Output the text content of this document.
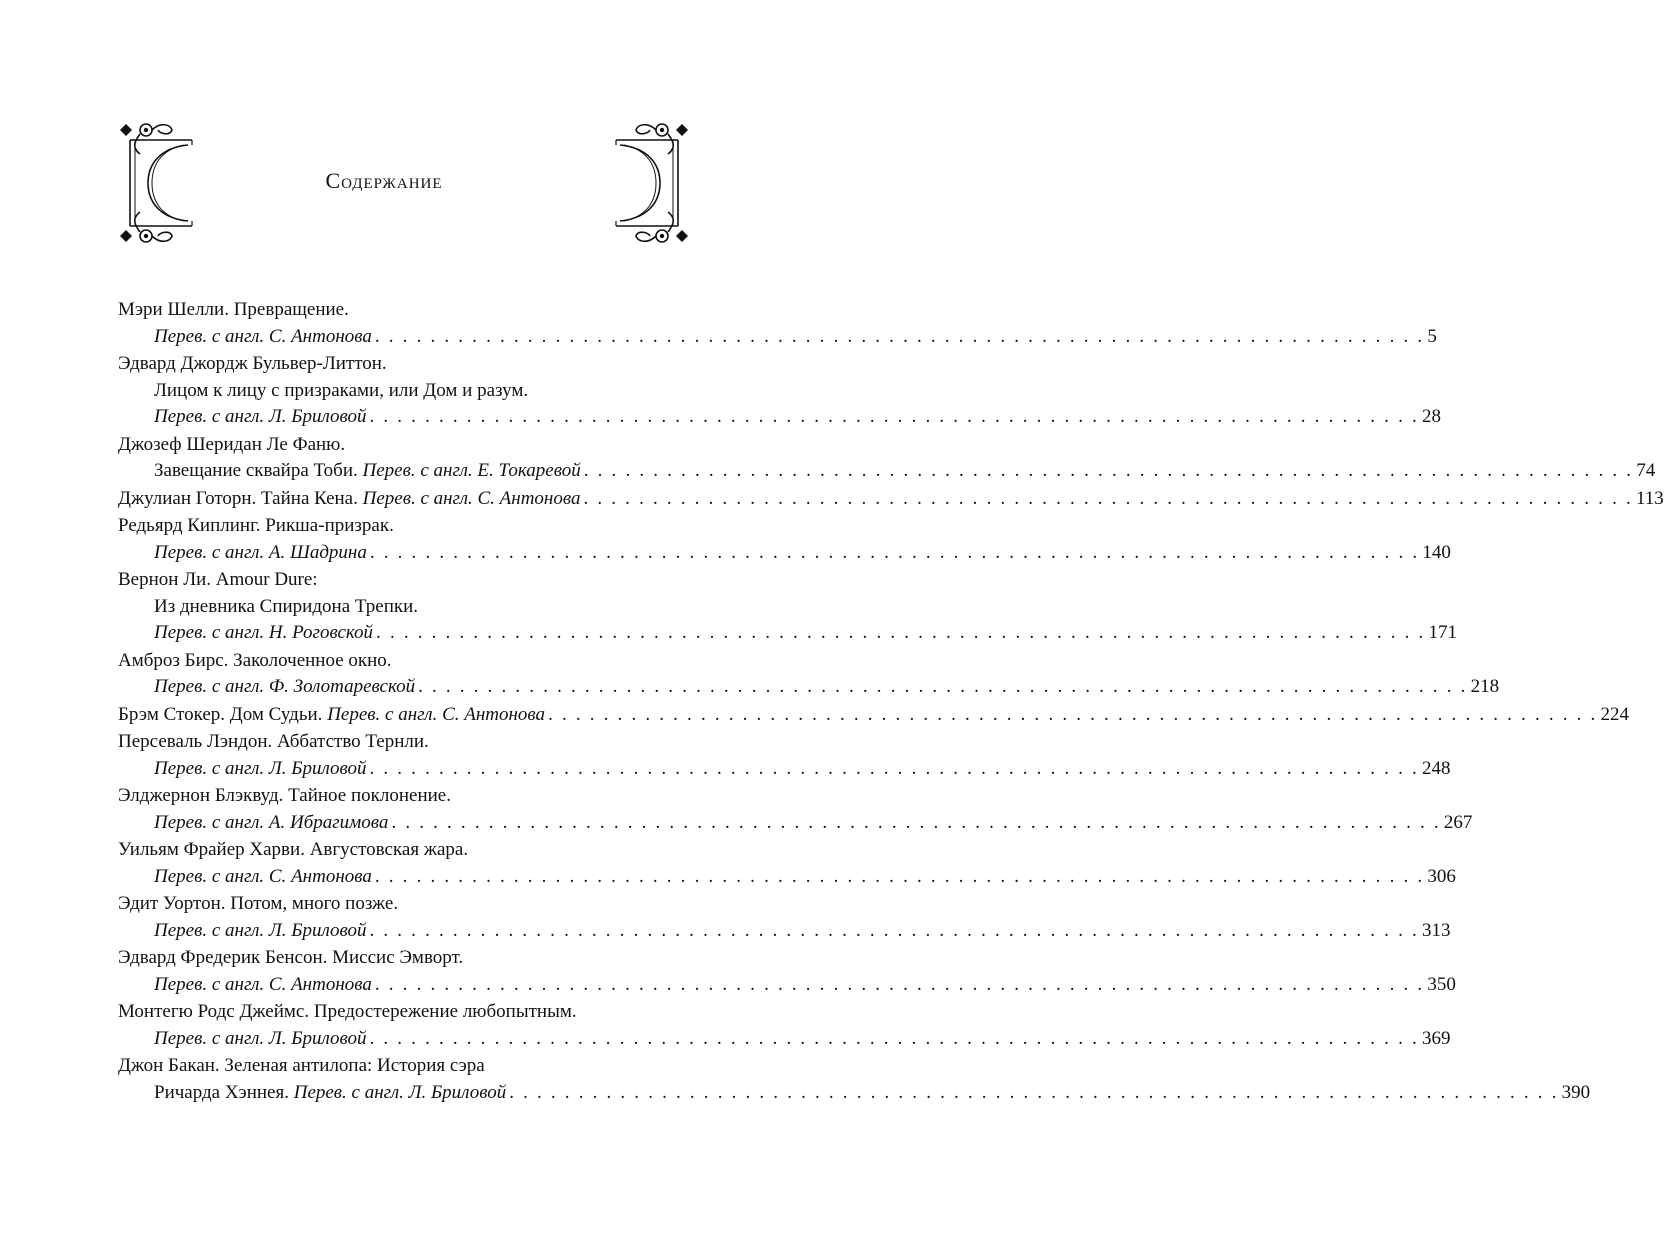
Содержание
Мэри Шелли. Превращение.
Перев. с англ. С. Антонова . . . . . . . . . . . . . . . . . . . . . . . . . . . . . . . . . . . . . . . . . . . . . . . . . . . . . . . . . . . . . . . . . . . . . . . . . . . . 5
Эдвард Джордж Бульвер-Литтон.
Лицом к лицу с призраками, или Дом и разум.
Перев. с англ. Л. Бриловой . . . . . . . . . . . . . . . . . . . . . . . . . . . . . . . . . . . . . . . . . . . . . . . . . . . . . . . . . . . . . . . . . . . . . . . . . . . . 28
Джозеф Шеридан Ле Фаню.
Завещание сквайра Тоби. Перев. с англ. Е. Токаревой . . . . . . . . . . . . . . . . . . . . . . . . . . . . . . . . . . . . . . . . . . . . . . . . . . . . . . . . . . . . . . . . . . . . . . . . . . . . 74
Джулиан Готорн. Тайна Кена. Перев. с англ. С. Антонова . . . . . . . . . . . . . . . . . . . . . . . . . . . . . . . . . . . . . . . . . . . . . . . . . . . . . . . . . . . . . . . . . . . . . . . . . . . . 113
Редьярд Киплинг. Рикша-призрак.
Перев. с англ. А. Шадрина . . . . . . . . . . . . . . . . . . . . . . . . . . . . . . . . . . . . . . . . . . . . . . . . . . . . . . . . . . . . . . . . . . . . . . . . . . . . 140
Вернон Ли. Amour Dure:
Из дневника Спиридона Трепки.
Перев. с англ. Н. Роговской . . . . . . . . . . . . . . . . . . . . . . . . . . . . . . . . . . . . . . . . . . . . . . . . . . . . . . . . . . . . . . . . . . . . . . . . . . . . 171
Амброз Бирс. Заколоченное окно.
Перев. с англ. Ф. Золотаревской . . . . . . . . . . . . . . . . . . . . . . . . . . . . . . . . . . . . . . . . . . . . . . . . . . . . . . . . . . . . . . . . . . . . . . . . . . . . 218
Брэм Стокер. Дом Судьи. Перев. с англ. С. Антонова . . . . . . . . . . . . . . . . . . . . . . . . . . . . . . . . . . . . . . . . . . . . . . . . . . . . . . . . . . . . . . . . . . . . . . . . . . . . 224
Персеваль Лэндон. Аббатство Тернли.
Перев. с англ. Л. Бриловой . . . . . . . . . . . . . . . . . . . . . . . . . . . . . . . . . . . . . . . . . . . . . . . . . . . . . . . . . . . . . . . . . . . . . . . . . . . . 248
Элджернон Блэквуд. Тайное поклонение.
Перев. с англ. А. Ибрагимова . . . . . . . . . . . . . . . . . . . . . . . . . . . . . . . . . . . . . . . . . . . . . . . . . . . . . . . . . . . . . . . . . . . . . . . . . . . . 267
Уильям Фрайер Харви. Августовская жара.
Перев. с англ. С. Антонова . . . . . . . . . . . . . . . . . . . . . . . . . . . . . . . . . . . . . . . . . . . . . . . . . . . . . . . . . . . . . . . . . . . . . . . . . . . . 306
Эдит Уортон. Потом, много позже.
Перев. с англ. Л. Бриловой . . . . . . . . . . . . . . . . . . . . . . . . . . . . . . . . . . . . . . . . . . . . . . . . . . . . . . . . . . . . . . . . . . . . . . . . . . . . 313
Эдвард Фредерик Бенсон. Миссис Эмворт.
Перев. с англ. С. Антонова . . . . . . . . . . . . . . . . . . . . . . . . . . . . . . . . . . . . . . . . . . . . . . . . . . . . . . . . . . . . . . . . . . . . . . . . . . . . 350
Монтегю Родс Джеймс. Предостережение любопытным.
Перев. с англ. Л. Бриловой . . . . . . . . . . . . . . . . . . . . . . . . . . . . . . . . . . . . . . . . . . . . . . . . . . . . . . . . . . . . . . . . . . . . . . . . . . . . 369
Джон Бакан. Зеленая антилопа: История сэра
Ричарда Хэннея. Перев. с англ. Л. Бриловой . . . . . . . . . . . . . . . . . . . . . . . . . . . . . . . . . . . . . . . . . . . . . . . . . . . . . . . . . . . . . . . . . . . . . . . . . . . . 390
